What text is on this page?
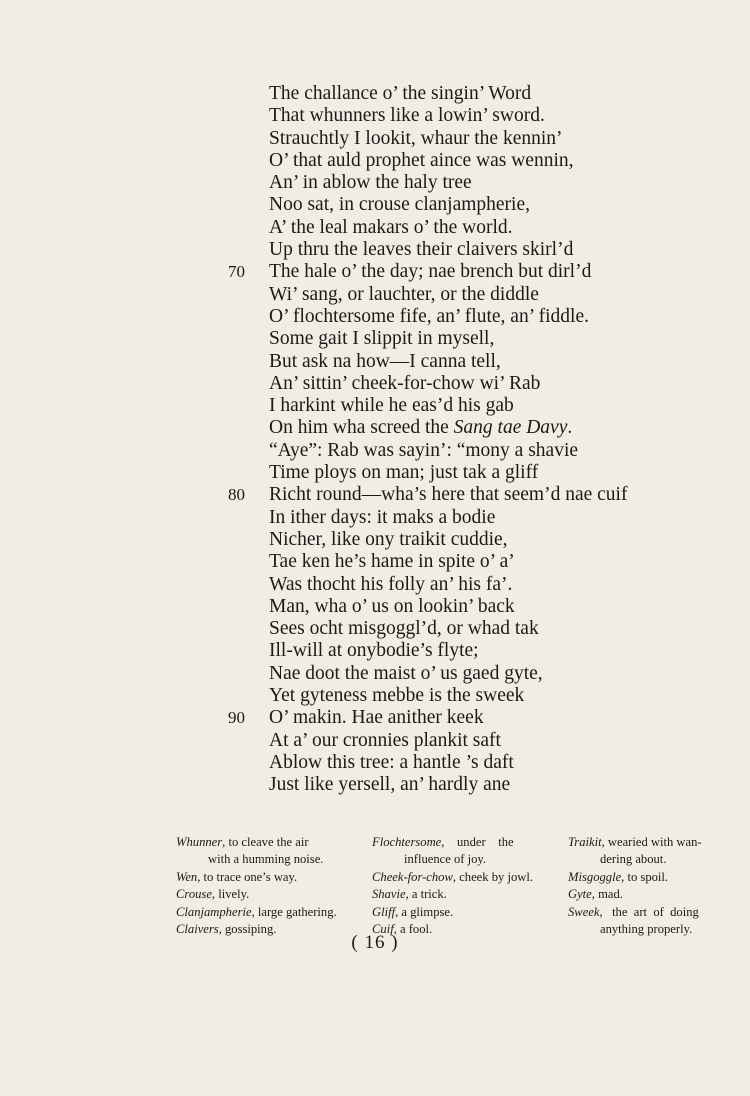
The challance o’ the singin’ Word
That whunners like a lowin’ sword.
Strauchtly I lookit, whaur the kennin’
O’ that auld prophet aince was wennin,
An’ in ablow the haly tree
Noo sat, in crouse clanjampherie,
A’ the leal makars o’ the world.
Up thru the leaves their claivers skirl’d
70	The hale o’ the day; nae brench but dirl’d
Wi’ sang, or lauchter, or the diddle
O’ flochtersome fife, an’ flute, an’ fiddle.
Some gait I slippit in mysell,
But ask na how—I canna tell,
An’ sittin’ cheek-for-chow wi’ Rab
I harkint while he eas’d his gab
On him wha screed the Sang tae Davy.
“Aye”: Rab was sayin’: “mony a shavie
Time ploys on man; just tak a gliff
80	Richt round—wha’s here that seem’d nae cuif
In ither days: it maks a bodie
Nicher, like ony traikit cuddie,
Tae ken he’s hame in spite o’ a’
Was thocht his folly an’ his fa’.
Man, wha o’ us on lookin’ back
Sees ocht misgoggl’d, or whad tak
Ill-will at onybodie’s flyte;
Nae doot the maist o’ us gaed gyte,
Yet gyteness mebbe is the sweek
90	O’ makin. Hae anither keek
At a’ our cronnies plankit saft
Ablow this tree: a hantle ’s daft
Just like yersell, an’ hardly ane
Whunner, to cleave the air
with a humming noise.
Wen, to trace one’s way.
Crouse, lively.
Clanjampherie, large gathering.
Claivers, gossiping.
Flochtersome,    under    the
influence of joy.
Cheek-for-chow, cheek by jowl.
Shavie, a trick.
Gliff, a glimpse.
Cuif, a fool.
Traikit, wearied with wan-
dering about.
Misgoggle, to spoil.
Gyte, mad.
Sweek,   the  art  of  doing
anything properly.
( 16 )
